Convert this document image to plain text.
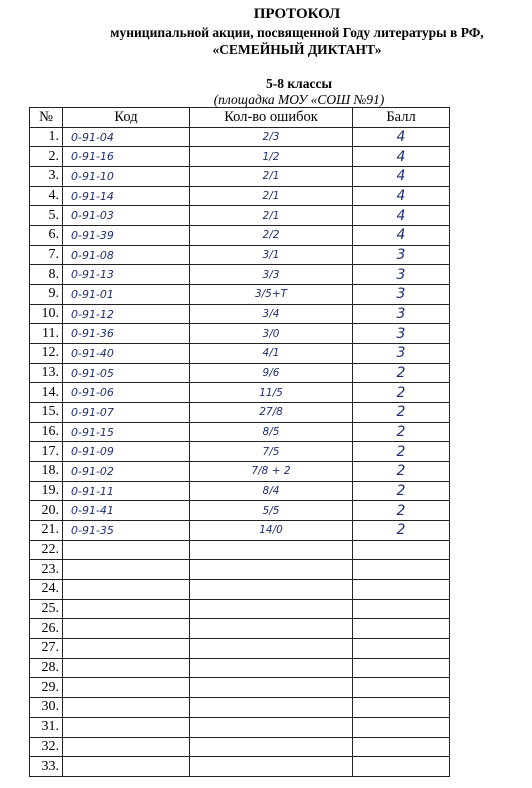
ПРОТОКОЛ
муниципальной акции, посвященной Году литературы в РФ,
«СЕМЕЙНЫЙ ДИКТАНТ»
5-8 классы
(площадка МОУ «СОШ №91)
№	Код	Кол-во ошибок	Балл
1.	0-91-04	2/3	4
2.	0-91-16	1/2	4
3.	0-91-10	2/1	4
4.	0-91-14	2/1	4
5.	0-91-03	2/1	4
6.	0-91-39	2/2	4
7.	0-91-08	3/1	3
8.	0-91-13	3/3	3
9.	0-91-01	3/5+Т	3
10.	0-91-12	3/4	3
11.	0-91-36	3/0	3
12.	0-91-40	4/1	3
13.	0-91-05	9/6	2
14.	0-91-06	11/5	2
15.	0-91-07	27/8	2
16.	0-91-15	8/5	2
17.	0-91-09	7/5	2
18.	0-91-02	7/8 + 2	2
19.	0-91-11	8/4	2
20.	0-91-41	5/5	2
21.	0-91-35	14/0	2
22.			
23.			
24.			
25.			
26.			
27.			
28.			
29.			
30.			
31.			
32.			
33.			
